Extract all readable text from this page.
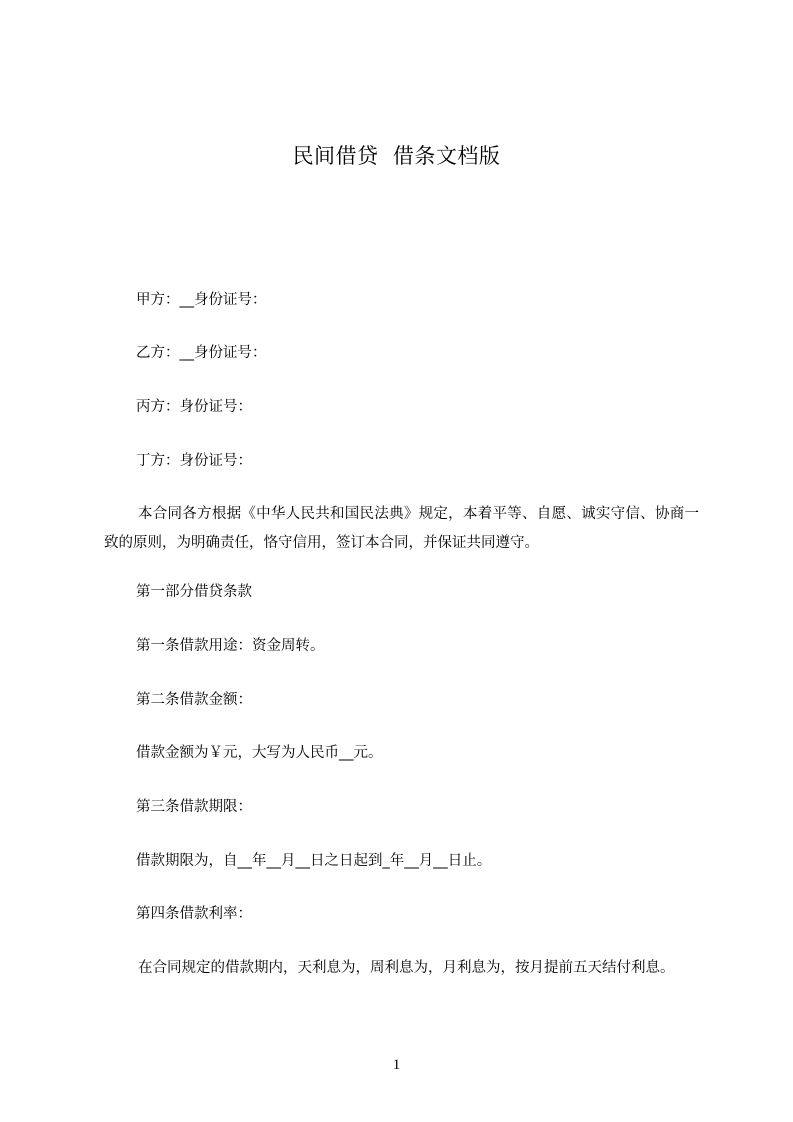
民间借贷  借条文档版
甲方：__身份证号：
乙方：__身份证号：
丙方：身份证号：
丁方：身份证号：
本合同各方根据《中华人民共和国民法典》规定，本着平等、自愿、诚实守信、协商一致的原则，为明确责任，恪守信用，签订本合同，并保证共同遵守。
第一部分借贷条款
第一条借款用途：资金周转。
第二条借款金额：
借款金额为￥元，大写为人民币__元。
第三条借款期限：
借款期限为，自__年__月__日之日起到_年__月__日止。
第四条借款利率：
在合同规定的借款期内，天利息为，周利息为，月利息为，按月提前五天结付利息。
1
